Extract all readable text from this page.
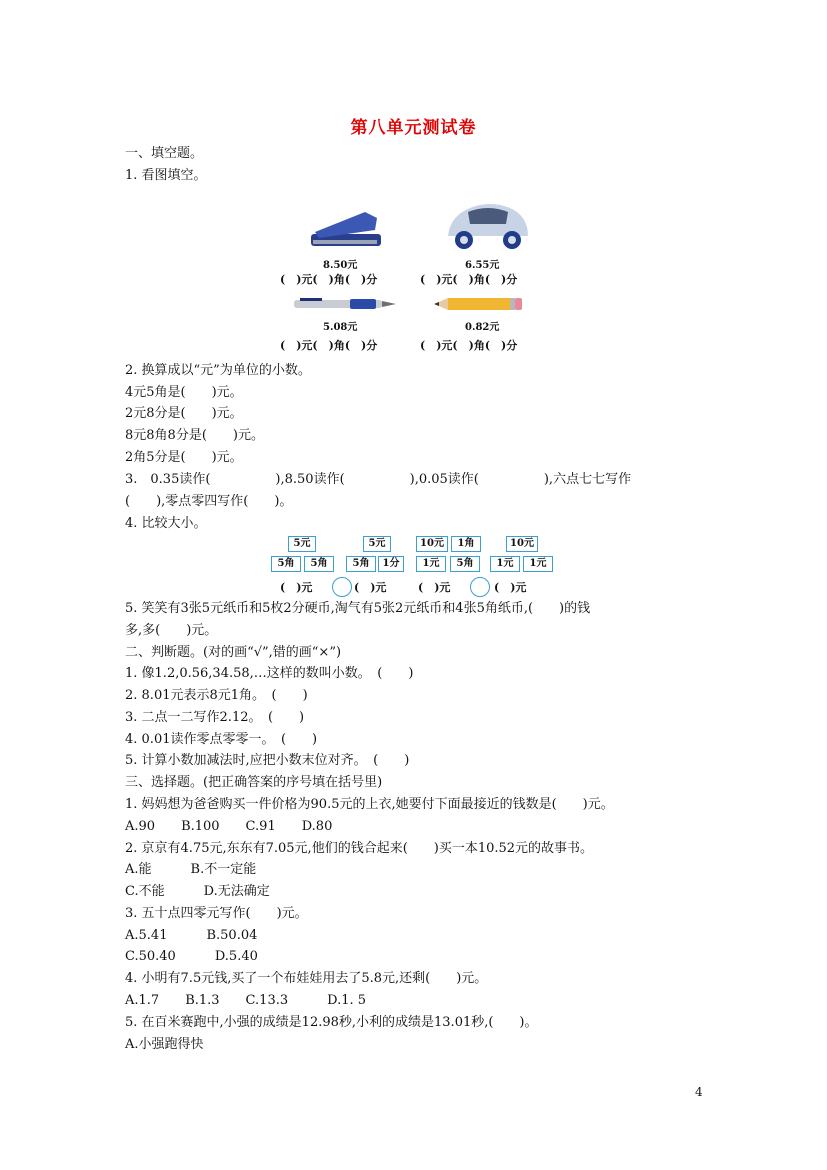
第八单元测试卷
一、填空题。
1. 看图填空。
8.50元	6.55元
5.08元	0.82元
(　)元(　)角(　)分	(　)元(　)角(　)分
(　)元(　)角(　)分	(　)元(　)角(　)分
2. 换算成以“元”为单位的小数。
4元5角是(　　)元。
2元8分是(　　)元。
8元8角8分是(　　)元。
2角5分是(　　)元。
3.　0.35读作(　　　　　),8.50读作(　　　　　),0.05读作(　　　　　),六点七七写作
(　　),零点零四写作(　　)。
4. 比较大小。
5元	5元	10元	1角	10元
5角	5角	5角	1分	1元	5角	1元	1元
(　)元	(　)元	(　)元	(　)元
5. 笑笑有3张5元纸币和5枚2分硬币,淘气有5张2元纸币和4张5角纸币,(　　)的钱
多,多(　　)元。
二、判断题。(对的画“√”,错的画“×”)
1. 像1.2,0.56,34.58,…这样的数叫小数。　(　　)
2. 8.01元表示8元1角。　(　　)
3. 二点一二写作2.12。　(　　)
4. 0.01读作零点零零一。　(　　)
5. 计算小数加减法时,应把小数末位对齐。　(　　)
三、选择题。(把正确答案的序号填在括号里)
1. 妈妈想为爸爸购买一件价格为90.5元的上衣,她要付下面最接近的钱数是(　　)元。
A.90　　B.100　　C.91　　D.80
2. 京京有4.75元,东东有7.05元,他们的钱合起来(　　)买一本10.52元的故事书。
A.能　　　B.不一定能
C.不能　　　D.无法确定
3. 五十点四零元写作(　　)元。
A.5.41　　　B.50.04
C.50.40　　　D.5.40
4. 小明有7.5元钱,买了一个布娃娃用去了5.8元,还剩(　　)元。
A.1.7　　B.1.3　　C.13.3　　　D.1. 5
5. 在百米赛跑中,小强的成绩是12.98秒,小利的成绩是13.01秒,(　　)。
A.小强跑得快
4
